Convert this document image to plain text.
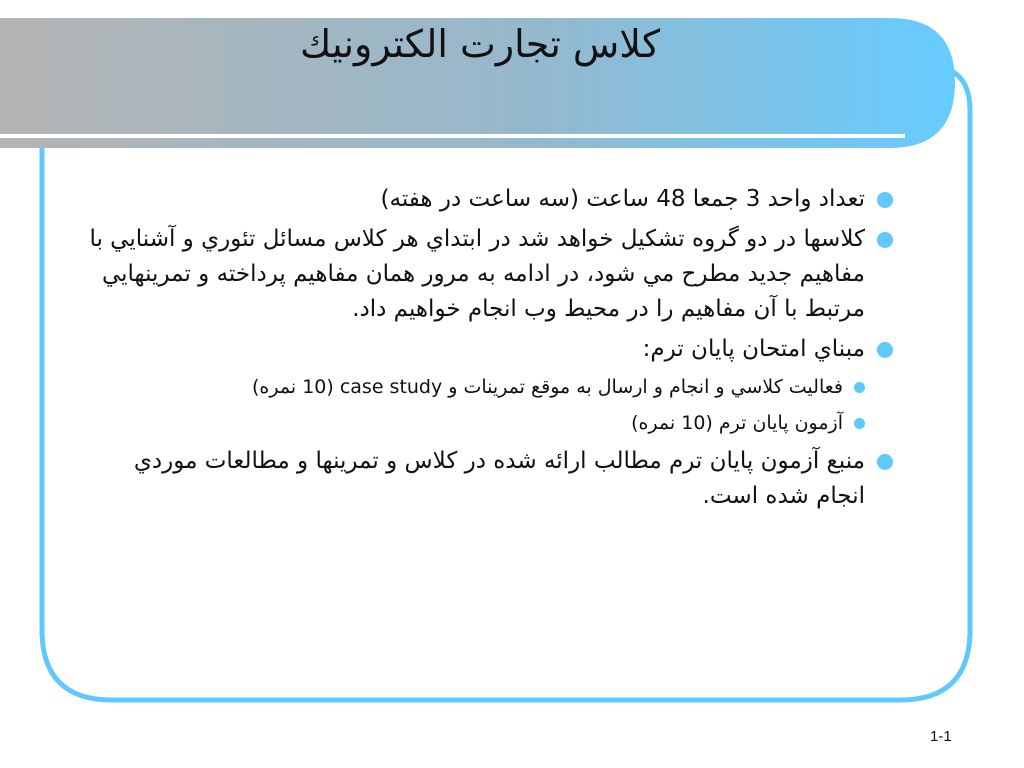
كلاس تجارت الكترونيك

تعداد واحد 3 جمعا 48 ساعت (سه ساعت در هفته)

كلاسها در دو گروه تشكيل خواهد شد در ابتداي هر كلاس مسائل تئوري و آشنايي با مفاهيم جديد مطرح مي شود، در ادامه به مرور همان مفاهيم پرداخته و تمرينهايي مرتبط با آن مفاهيم را در محيط وب انجام خواهيم داد.

مبناي امتحان پايان ترم:

فعاليت كلاسي و انجام و ارسال به موقع تمرينات و case study (10 نمره)

آزمون پايان ترم (10 نمره)

منبع آزمون پايان ترم مطالب ارائه شده در كلاس و تمرينها و مطالعات موردي انجام شده است.

1-1
